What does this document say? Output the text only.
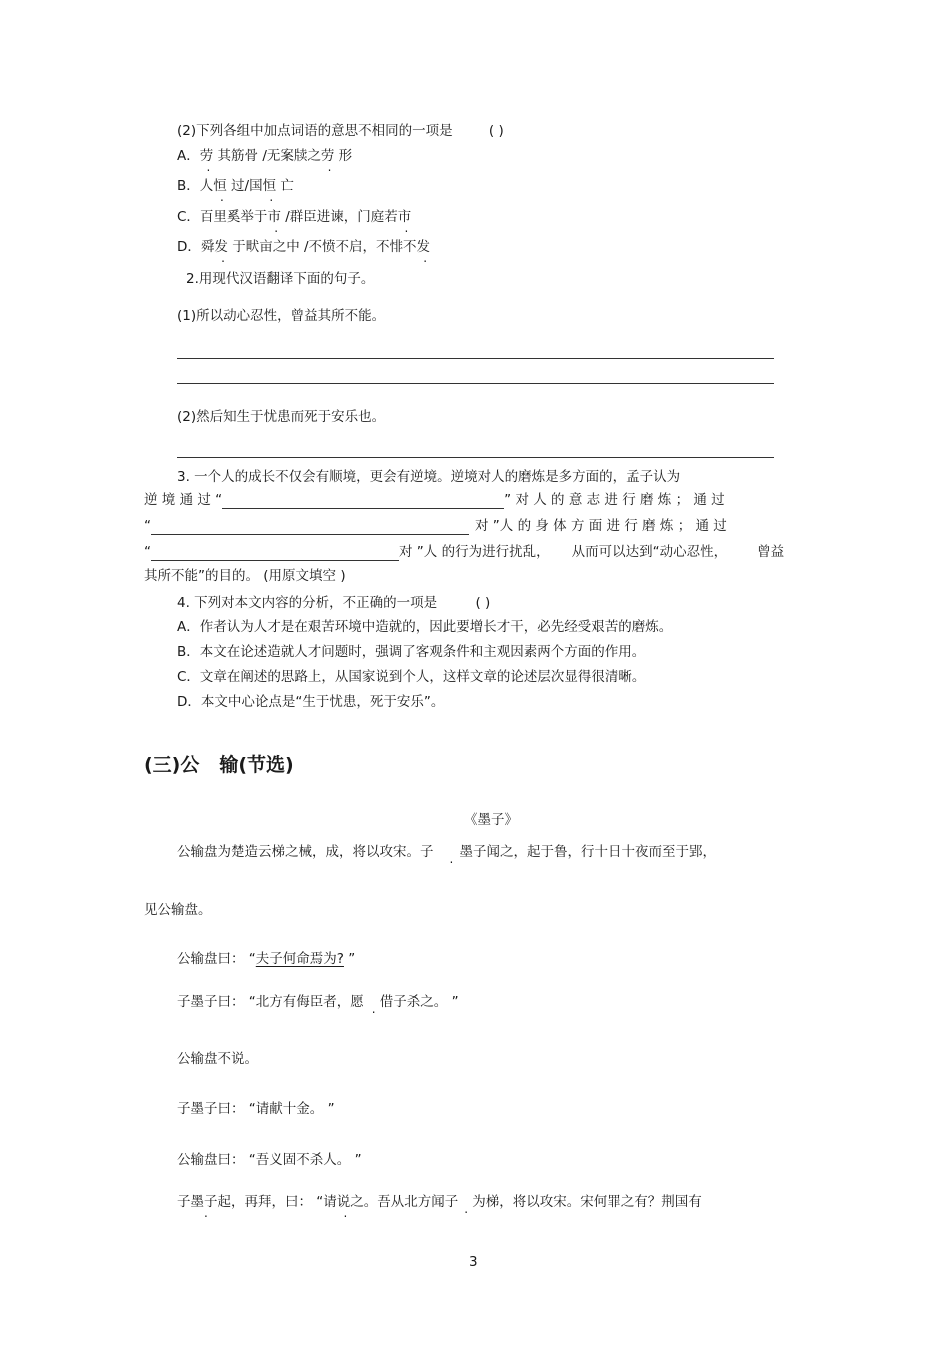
(2)下列各组中加点词语的意思不相同的一项是	( )
A．劳 其筋骨 /无案牍之劳 形
B．人恒 过/国恒 亡
C．百里奚举于市 /群臣进谏，门庭若市
D．舜发 于畎亩之中 /不愤不启，不悱不发
2.用现代汉语翻译下面的句子。
(1)所以动心忍性，曾益其所不能。
(2)然后知生于忧患而死于安乐也。
3. 一个人的成长不仅会有顺境，更会有逆境。逆境对人的磨炼是多方面的，孟子认为
逆 境 通 过 “	” 对 人 的 意 志 进 行 磨 炼 ； 通 过
“	对 ”人 的 身 体 方 面 进 行 磨 炼 ； 通 过
“	对 ”人 的行为进行扰乱， 从而可以达到“动心忍性， 曾益
其所不能”的目的。 (用原文填空 )
4. 下列对本文内容的分析，不正确的一项是	( )
A．作者认为人才是在艰苦环境中造就的，因此要增长才干，必先经受艰苦的磨炼。
B．本文在论述造就人才问题时，强调了客观条件和主观因素两个方面的作用。
C．文章在阐述的思路上，从国家说到个人，这样文章的论述层次显得很清晰。
D．本文中心论点是“生于忧患，死于安乐”。
(三)公 输(节选)
《墨子》
公输盘为楚造云梯之械，成，将以攻宋。子 墨子闻之，起于鲁，行十日十夜而至于郢，
见公输盘。
公输盘曰： “夫子何命焉为? ”
子墨子曰： “北方有侮臣者，愿 借子杀之。 ”
公输盘不说。
子墨子曰： “请献十金。 ”
公输盘曰： “吾义固不杀人。 ”
子墨子起，再拜，曰： “请说之。吾从北方闻子 为梯，将以攻宋。宋何罪之有？荆国有
3
